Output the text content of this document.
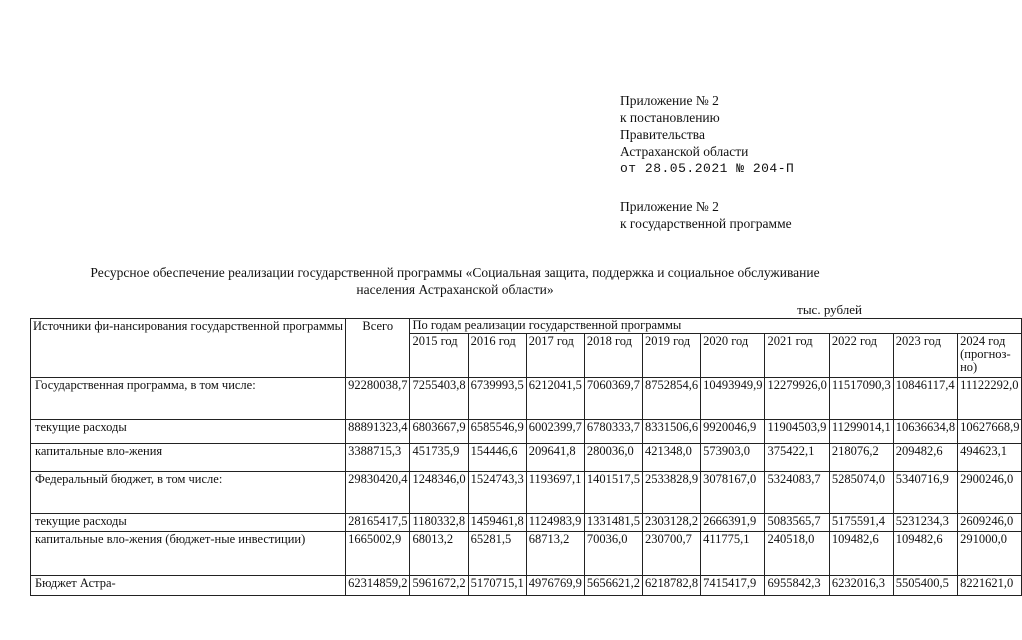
Приложение № 2
к постановлению
Правительства
Астраханской области
от 28.05.2021 № 204-П
Приложение № 2
к государственной программе
Ресурсное обеспечение реализации государственной программы «Социальная защита, поддержка и социальное обслуживание населения Астраханской области»
тыс. рублей
Источники фи-нансирования государственной программы	Всего	По годам реализации государственной программы									
		2015 год	2016 год	2017 год	2018 год	2019 год	2020 год	2021 год	2022 год	2023 год	2024 год (прогноз-но)
Государственная программа, в том числе:	92280038,7	7255403,8	6739993,5	6212041,5	7060369,7	8752854,6	10493949,9	12279926,0	11517090,3	10846117,4	11122292,0
текущие расходы	88891323,4	6803667,9	6585546,9	6002399,7	6780333,7	8331506,6	9920046,9	11904503,9	11299014,1	10636634,8	10627668,9
капитальные вло-жения	3388715,3	451735,9	154446,6	209641,8	280036,0	421348,0	573903,0	375422,1	218076,2	209482,6	494623,1
Федеральный бюджет, в том числе:	29830420,4	1248346,0	1524743,3	1193697,1	1401517,5	2533828,9	3078167,0	5324083,7	5285074,0	5340716,9	2900246,0
текущие расходы	28165417,5	1180332,8	1459461,8	1124983,9	1331481,5	2303128,2	2666391,9	5083565,7	5175591,4	5231234,3	2609246,0
капитальные вло-жения (бюджет-ные инвестиции)	1665002,9	68013,2	65281,5	68713,2	70036,0	230700,7	411775,1	240518,0	109482,6	109482,6	291000,0
Бюджет Астра-	62314859,2	5961672,2	5170715,1	4976769,9	5656621,2	6218782,8	7415417,9	6955842,3	6232016,3	5505400,5	8221621,0
